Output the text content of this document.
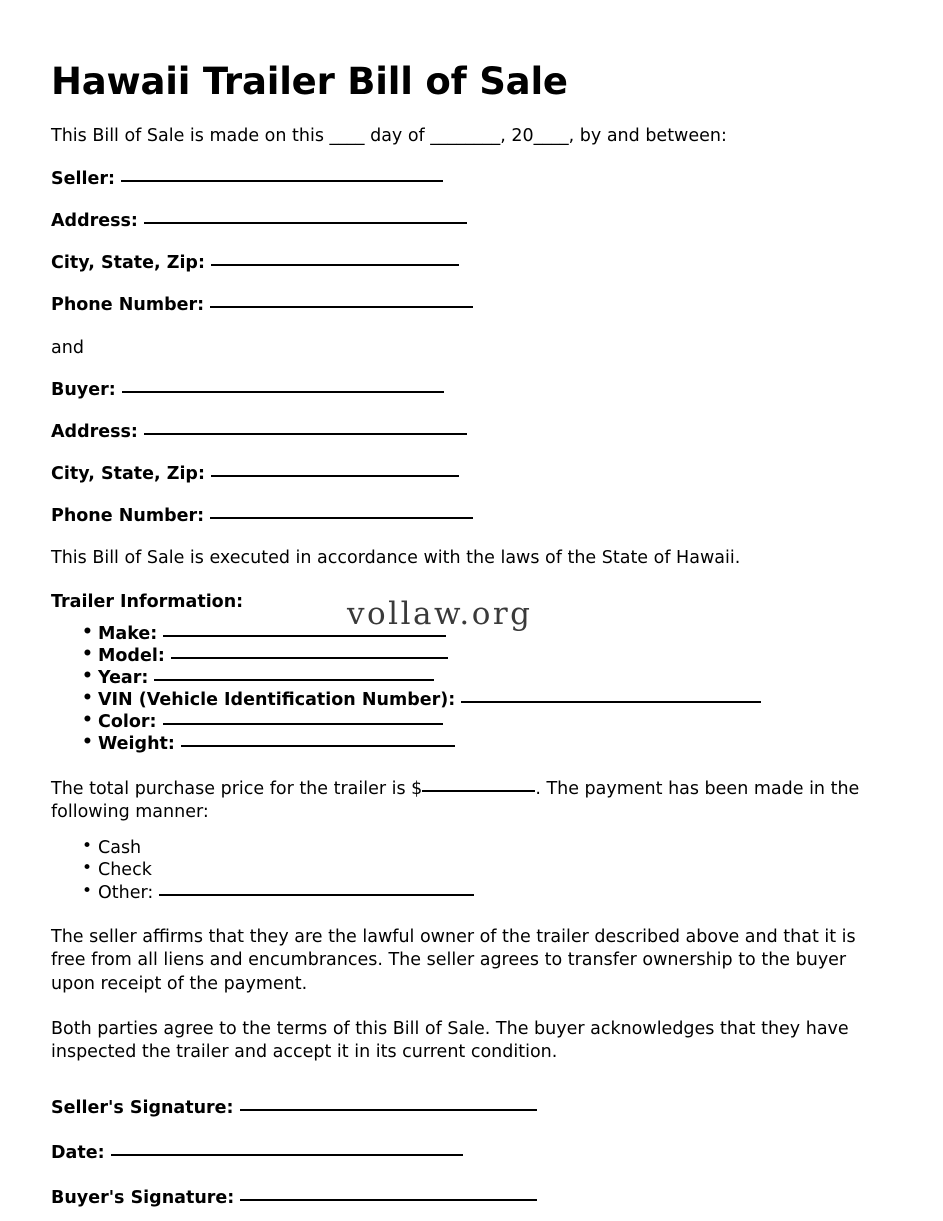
Hawaii Trailer Bill of Sale

This Bill of Sale is made on this ____ day of ________, 20____, by and between:

Seller:

Address:

City, State, Zip:

Phone Number:

and

Buyer:

Address:

City, State, Zip:

Phone Number:

This Bill of Sale is executed in accordance with the laws of the State of Hawaii.

Trailer Information:

• Make:
• Model:
• Year:
• VIN (Vehicle Identification Number):
• Color:
• Weight:

The total purchase price for the trailer is $	. The payment has been made in the following manner:

• Cash
• Check
• Other:

The seller affirms that they are the lawful owner of the trailer described above and that it is free from all liens and encumbrances. The seller agrees to transfer ownership to the buyer upon receipt of the payment.

Both parties agree to the terms of this Bill of Sale. The buyer acknowledges that they have inspected the trailer and accept it in its current condition.

Seller's Signature:

Date:

Buyer's Signature:

vollaw.org
